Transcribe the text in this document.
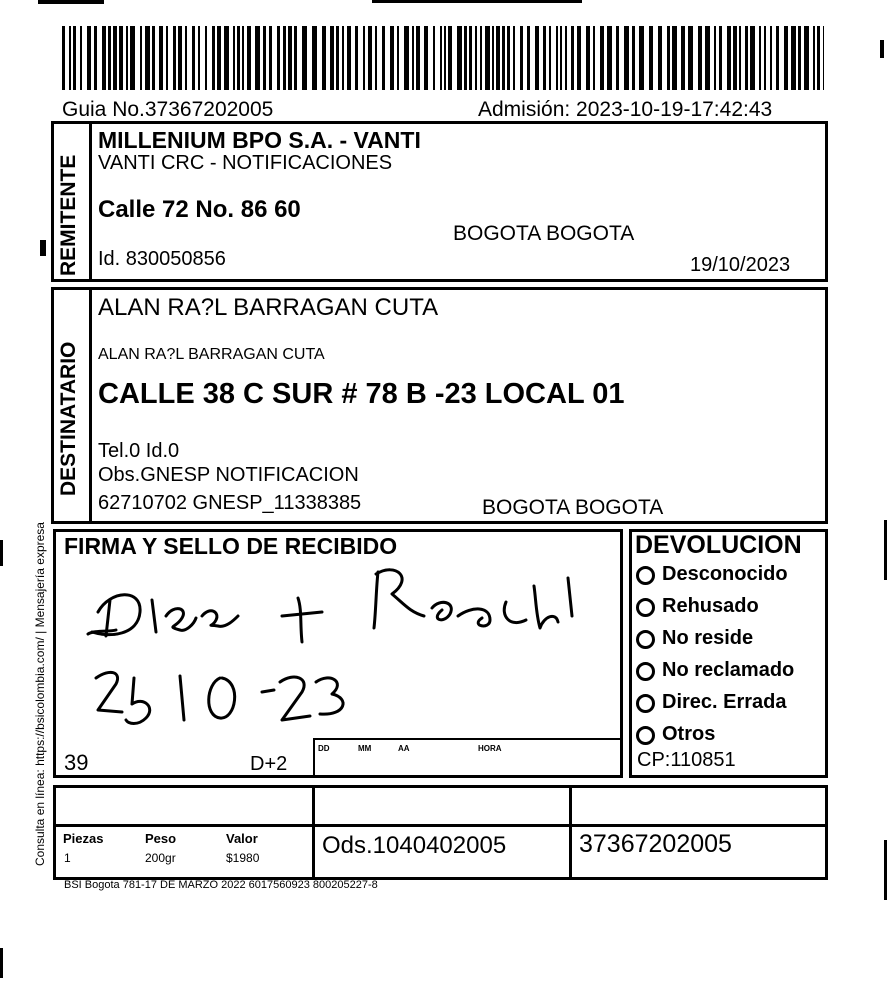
Guia No.37367202005	Admisión: 2023-10-19-17:42:43
Consulta en línea: https://bsicolombia.com/ | Mensajería expresa
REMITENTE
MILLENIUM BPO S.A. - VANTI
VANTI CRC - NOTIFICACIONES
Calle 72 No. 86 60
BOGOTA BOGOTA
Id. 830050856	19/10/2023
DESTINATARIO
ALAN RA?L BARRAGAN CUTA
ALAN RA?L BARRAGAN CUTA
CALLE 38 C SUR # 78 B -23 LOCAL 01
Tel.0 Id.0
Obs.GNESP NOTIFICACION
62710702 GNESP_11338385	BOGOTA BOGOTA
FIRMA Y SELLO DE RECIBIDO
39	D+2
DD	MM	AA	HORA
DEVOLUCION
Desconocido
Rehusado
No reside
No reclamado
Direc. Errada
Otros
CP:110851
Piezas	Peso	Valor
1	200gr	$1980	Ods.1040402005	37367202005
BSI Bogota 781-17 DE MARZO 2022 6017560923 800205227-8
